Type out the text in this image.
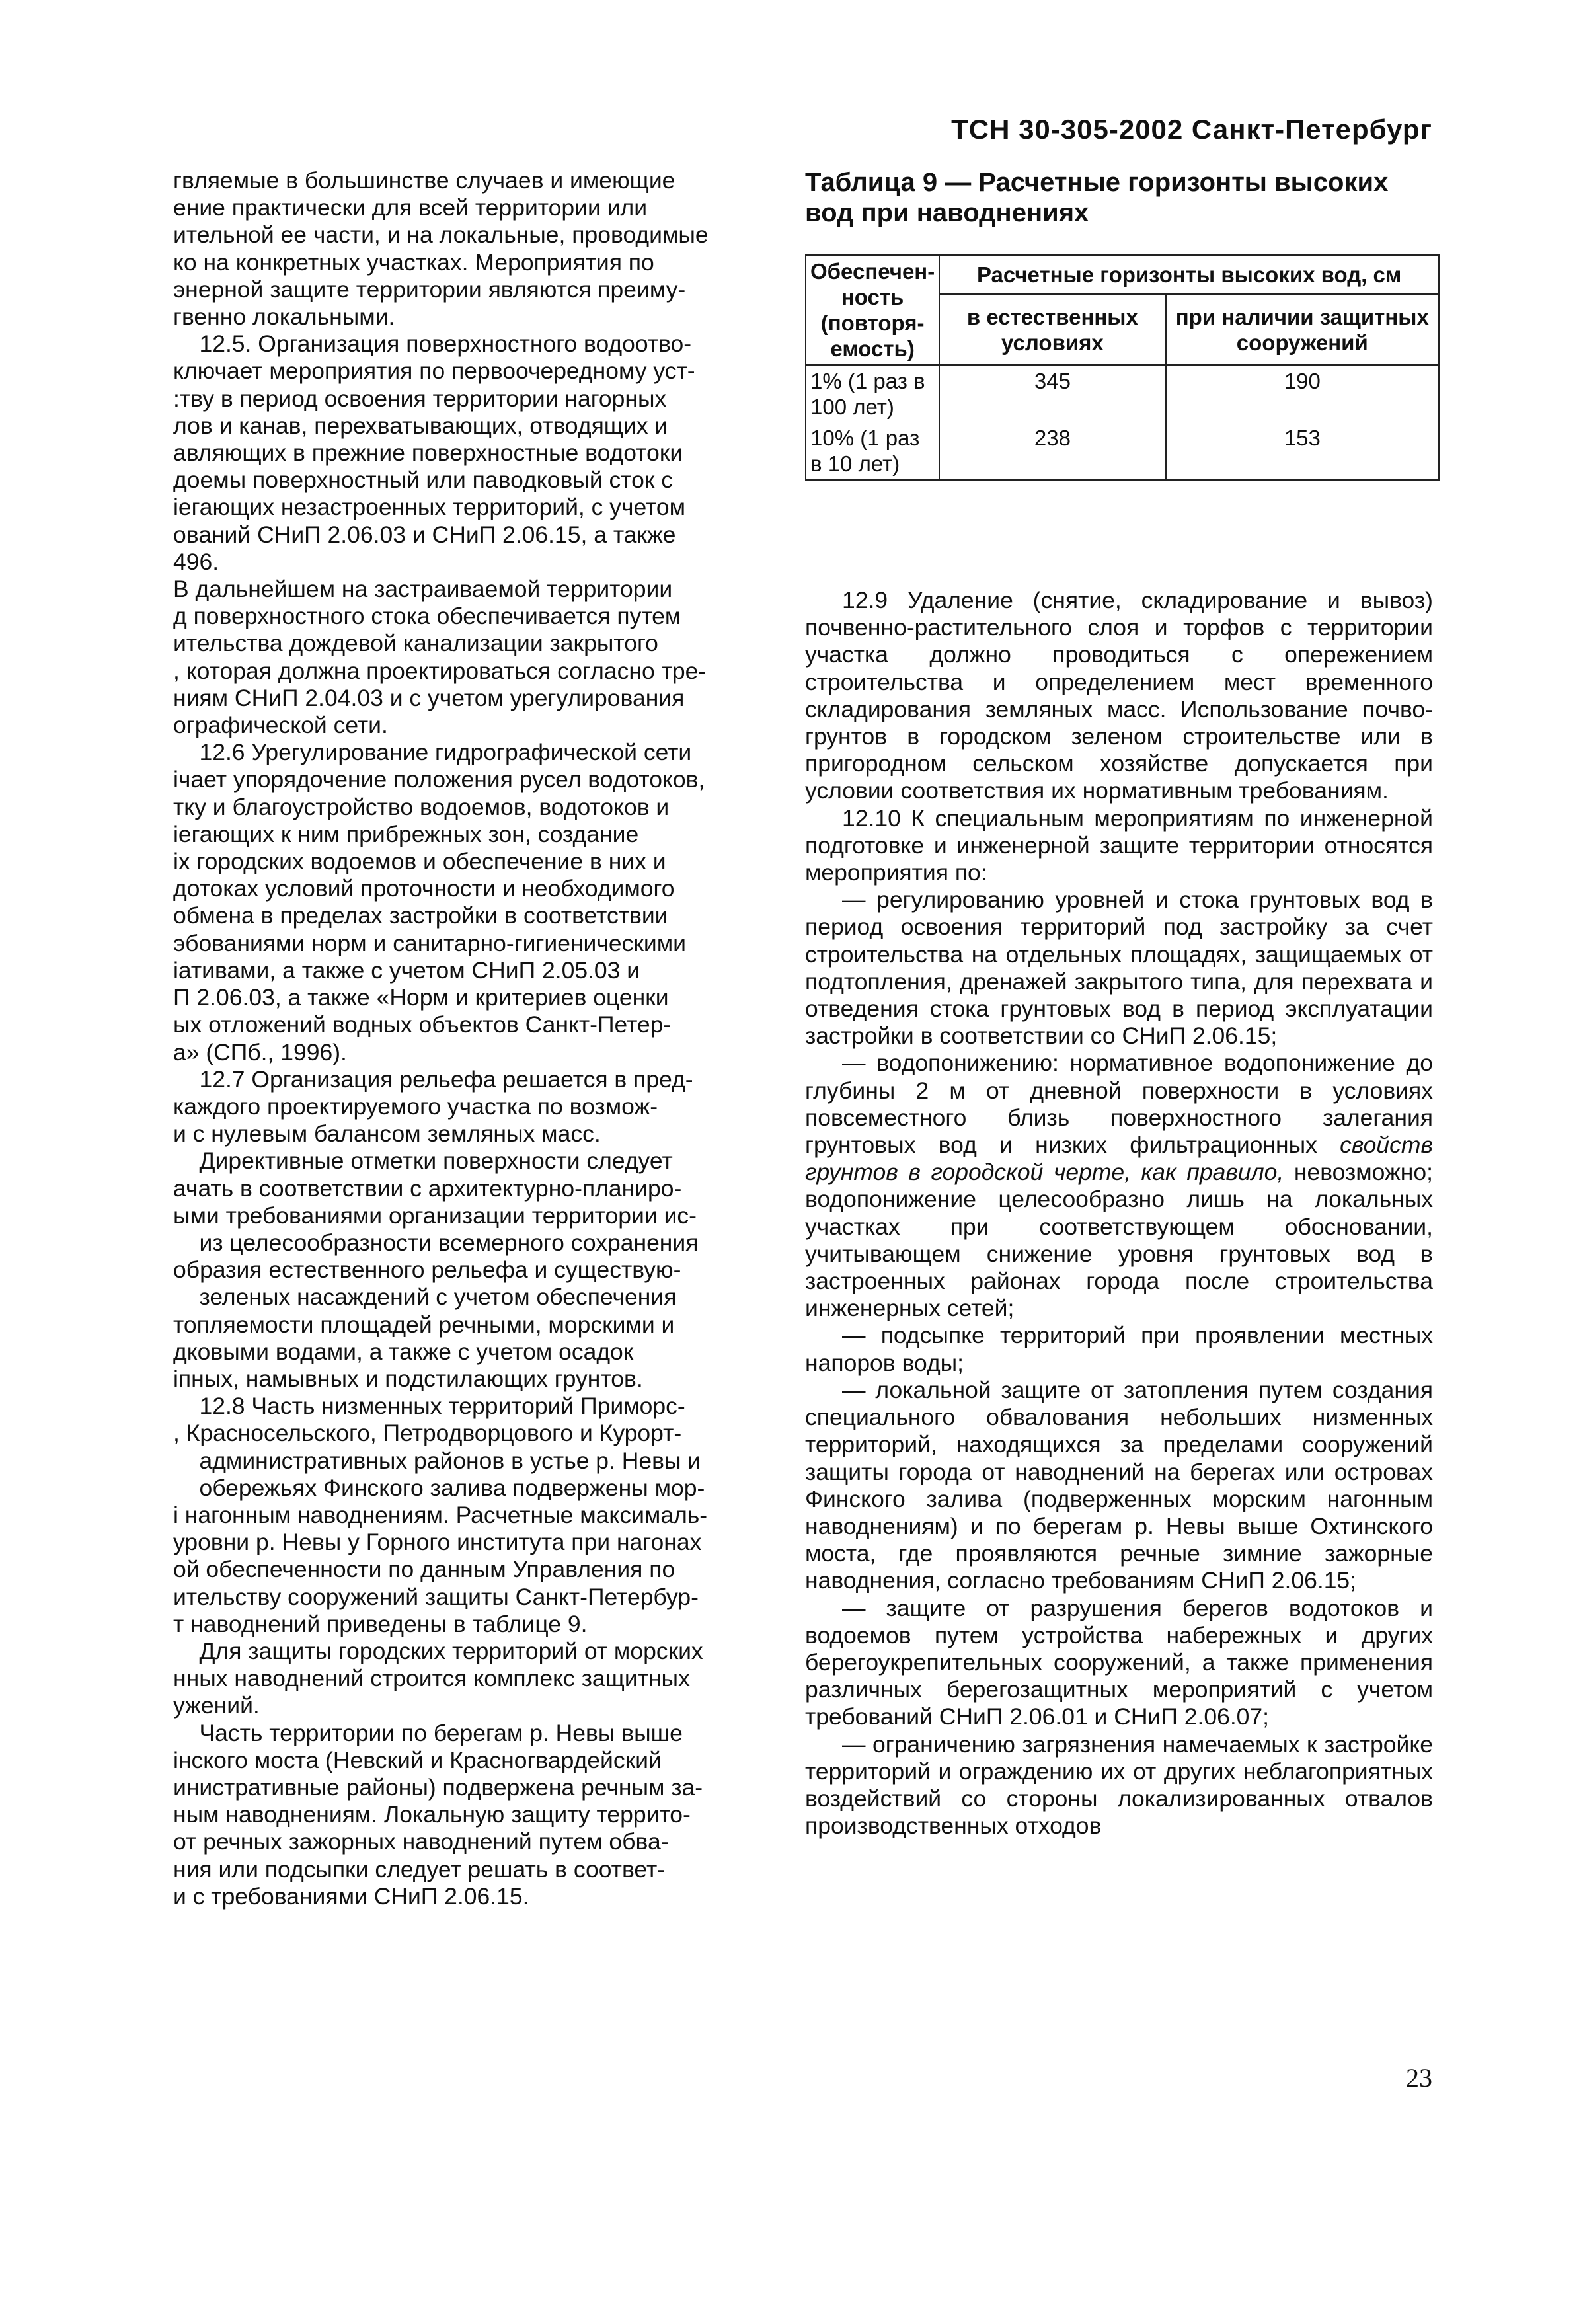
ТСН 30-305-2002 Санкт-Петербург

гвляемые в большинстве случаев и имеющие

ение практически для всей территории или

ительной ее части, и на локальные, проводимые

ко на конкретных участках. Мероприятия по

энерной защите территории являются преиму-

гвенно локальными.

12.5. Организация поверхностного водоотво-

ключает мероприятия по первоочередному уст-

:тву в период освоения территории нагорных

лов и канав, перехватывающих, отводящих и

авляющих в прежние поверхностные водотоки

доемы поверхностный или паводковый сток с

іегающих незастроенных территорий, с учетом

ований СНиП 2.06.03 и СНиП 2.06.15, а также

496.

В дальнейшем на застраиваемой территории

д поверхностного стока обеспечивается путем

ительства дождевой канализации закрытого

, которая должна проектироваться согласно тре-

ниям СНиП 2.04.03 и с учетом урегулирования

ографической сети.

12.6 Урегулирование гидрографической сети

ічает упорядочение положения русел водотоков,

тку и благоустройство водоемов, водотоков и

іегающих к ним прибрежных зон, создание

іх городских водоемов и обеспечение в них и

дотоках условий проточности и необходимого

обмена в пределах застройки в соответствии

эбованиями норм и санитарно-гигиеническими

іативами, а также с учетом СНиП 2.05.03 и

П 2.06.03, а также «Норм и критериев оценки

ых отложений водных объектов Санкт-Петер-

а» (СПб., 1996).

12.7 Организация рельефа решается в пред-

каждого проектируемого участка по возмож-

и с нулевым балансом земляных масс.

Директивные отметки поверхности следует

ачать в соответствии с архитектурно-планиро-

ыми требованиями организации территории ис-

из целесообразности всемерного сохранения

образия естественного рельефа и существую-

зеленых насаждений с учетом обеспечения

топляемости площадей речными, морскими и

дковыми водами, а также с учетом осадок

іпных, намывных и подстилающих грунтов.

12.8 Часть низменных территорий Приморс-

, Красносельского, Петродворцового и Курорт-

административных районов в устье р. Невы и

обережьях Финского залива подвержены мор-

і нагонным наводнениям. Расчетные максималь-

уровни р. Невы у Горного института при нагонах

ой обеспеченности по данным Управления по

ительству сооружений защиты Санкт-Петербур-

т наводнений приведены в таблице 9.

Для защиты городских территорий от морских

нных наводнений строится комплекс защитных

ужений.

Часть территории по берегам р. Невы выше

інского моста (Невский и Красногвардейский

инистративные районы) подвержена речным за-

ным наводнениям. Локальную защиту террито-

от речных зажорных наводнений путем обва-

ния или подсыпки следует решать в соответ-

и с требованиями СНиП 2.06.15.

Таблица 9 — Расчетные горизонты высоких вод при наводнениях
Обеспечен-ность (повторя-емость)	Расчетные горизонты высоких вод, см	
	в естественных условиях	при наличии защитных сооружений
1% (1 раз в 100 лет)	345	190
10% (1 раз в 10 лет)	238	153

12.9 Удаление (снятие, складирование и вывоз) почвенно-растительного слоя и торфов с территории участка должно проводиться с опережением строительства и определением мест временного складирования земляных масс. Использование почво-грунтов в городском зеленом строительстве или в пригородном сельском хозяйстве допускается при условии соответствия их нормативным требованиям.

12.10 К специальным мероприятиям по инженерной подготовке и инженерной защите территории относятся мероприятия по:

— регулированию уровней и стока грунтовых вод в период освоения территорий под застройку за счет строительства на отдельных площадях, защищаемых от подтопления, дренажей закрытого типа, для перехвата и отведения стока грунтовых вод в период эксплуатации застройки в соответствии со СНиП 2.06.15;

— водопонижению: нормативное водопонижение до глубины 2 м от дневной поверхности в условиях повсеместного близь поверхностного залегания грунтовых вод и низких фильтрационных свойств грунтов в городской черте, как правило, невозможно; водопонижение целесообразно лишь на локальных участках при соответствующем обосновании, учитывающем снижение уровня грунтовых вод в застроенных районах города после строительства инженерных сетей;

— подсыпке территорий при проявлении местных напоров воды;

— локальной защите от затопления путем создания специального обвалования небольших низменных территорий, находящихся за пределами сооружений защиты города от наводнений на берегах или островах Финского залива (подверженных морским нагонным наводнениям) и по берегам р. Невы выше Охтинского моста, где проявляются речные зимние зажорные наводнения, согласно требованиям СНиП 2.06.15;

— защите от разрушения берегов водотоков и водоемов путем устройства набережных и других берегоукрепительных сооружений, а также применения различных берегозащитных мероприятий с учетом требований СНиП 2.06.01 и СНиП 2.06.07;

— ограничению загрязнения намечаемых к застройке территорий и ограждению их от других неблагоприятных воздействий со стороны локализированных отвалов производственных отходов

23
